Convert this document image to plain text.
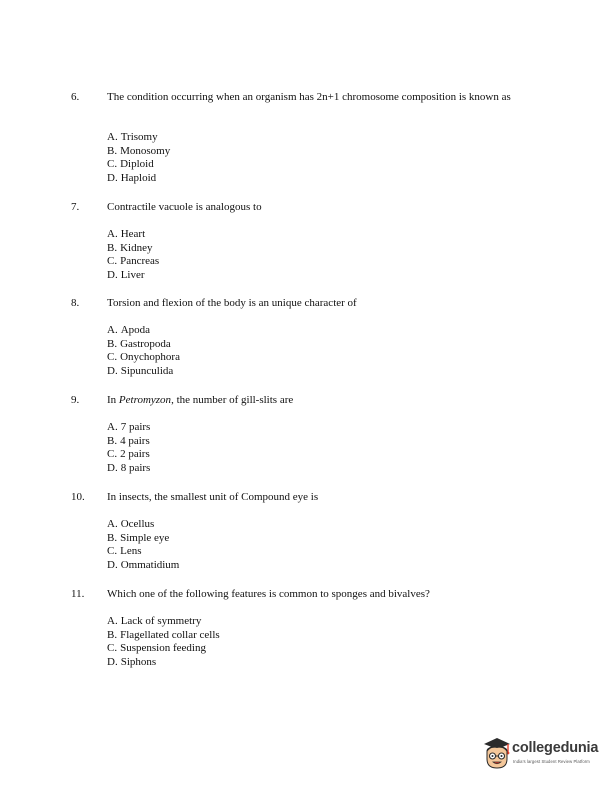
6.	The condition occurring when an organism has 2n+1 chromosome composition is known as
A. Trisomy
B. Monosomy
C. Diploid
D. Haploid
7.	Contractile vacuole is analogous to
A. Heart
B. Kidney
C. Pancreas
D. Liver
8.	Torsion and flexion of the body is an unique character of
A. Apoda
B. Gastropoda
C. Onychophora
D. Sipunculida
9.	In Petromyzon, the number of gill-slits are
A. 7 pairs
B. 4 pairs
C. 2 pairs
D. 8 pairs
10. In insects, the smallest unit of Compound eye is
A. Ocellus
B. Simple eye
C. Lens
D. Ommatidium
11. Which one of the following features is common to sponges and bivalves?
A. Lack of symmetry
B. Flagellated collar cells
C. Suspension feeding
D. Siphons
collegedunia
India's largest Student Review Platform
